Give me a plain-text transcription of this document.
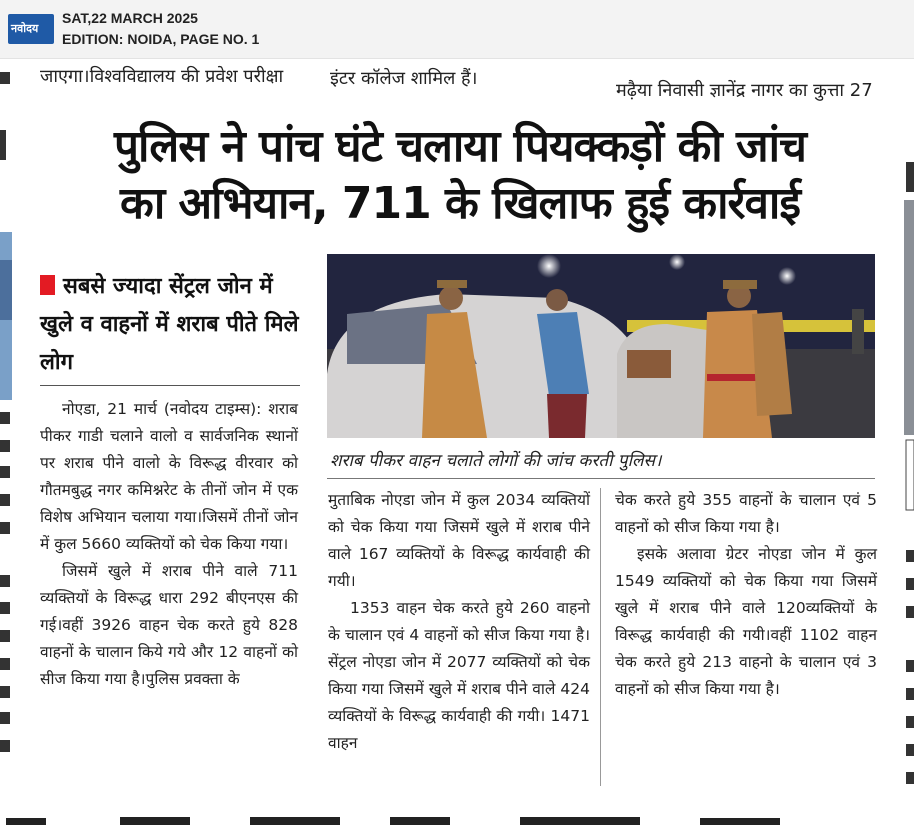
नवोदय
SAT,22 MARCH 2025
EDITION: NOIDA, PAGE NO. 1
जाएगा।विश्वविद्यालय की प्रवेश परीक्षा	इंटर कॉलेज शामिल हैं।
मढ़ैया निवासी ज्ञानेंद्र नागर का कुत्ता 27
पुलिस ने पांच घंटे चलाया पियक्कड़ों की जांच
का अभियान, 711 के खिलाफ हुई कार्रवाई
सबसे ज्यादा सेंट्रल जोन में खुले व वाहनों में शराब पीते मिले लोग

नोएडा, 21 मार्च (नवोदय टाइम्स): शराब पीकर गाडी चलाने वालो व सार्वजनिक स्थानों पर शराब पीने वालो के विरूद्ध वीरवार को गौतमबुद्ध नगर कमिश्नरेट के तीनों जोन में एक विशेष अभियान चलाया गया।जिसमें तीनों जोन में कुल 5660 व्यक्तियों को चेक किया गया।

जिसमें खुले में शराब पीने वाले 711 व्यक्तियों के विरूद्ध धारा 292 बीएनएस की गई।वहीं 3926 वाहन चेक करते हुये 828 वाहनों के चालान किये गये और 12 वाहनों को सीज किया गया है।पुलिस प्रवक्ता के

शराब पीकर वाहन चलाते लोगों की जांच करती पुलिस।

मुताबिक नोएडा जोन में कुल 2034 व्यक्तियों को चेक किया गया जिसमें खुले में शराब पीने वाले 167 व्यक्तियों के विरूद्ध कार्यवाही की गयी।

1353 वाहन चेक करते हुये 260 वाहनो के चालान एवं 4 वाहनों को सीज किया गया है। सेंट्रल नोएडा जोन में 2077 व्यक्तियों को चेक किया गया जिसमें खुले में शराब पीने वाले 424 व्यक्तियों के विरूद्ध कार्यवाही की गयी। 1471 वाहन

चेक करते हुये 355 वाहनों के चालान एवं 5 वाहनों को सीज किया गया है।

इसके अलावा ग्रेटर नोएडा जोन में कुल 1549 व्यक्तियों को चेक किया गया जिसमें खुले में शराब पीने वाले 120व्यक्तियों के विरूद्ध कार्यवाही की गयी।वहीं 1102 वाहन चेक करते हुये 213 वाहनो के चालान एवं 3 वाहनों को सीज किया गया है।
